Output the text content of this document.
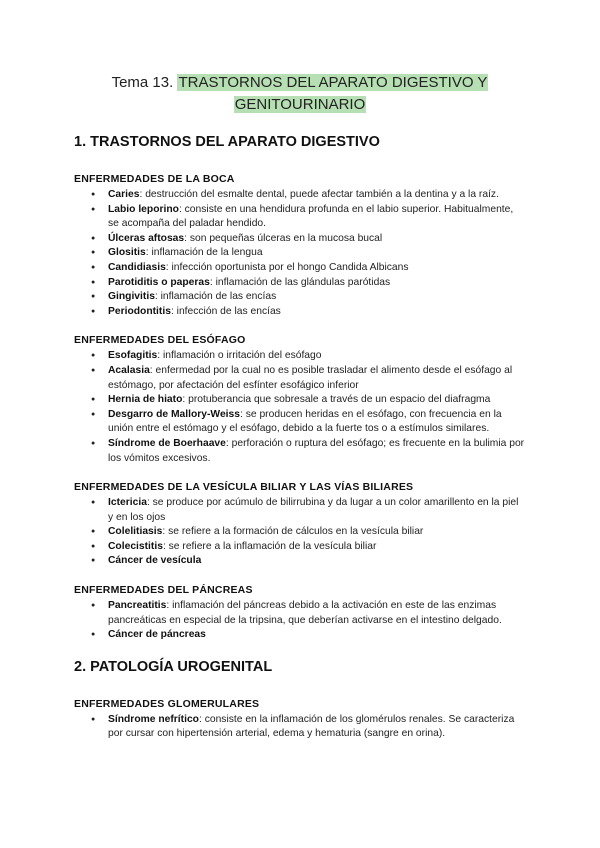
Tema 13. TRASTORNOS DEL APARATO DIGESTIVO Y
GENITOURINARIO
1. TRASTORNOS DEL APARATO DIGESTIVO
ENFERMEDADES DE LA BOCA
● Caries: destrucción del esmalte dental, puede afectar también a la dentina y a la raíz.
● Labio leporino: consiste en una hendidura profunda en el labio superior. Habitualmente, se acompaña del paladar hendido.
● Úlceras aftosas: son pequeñas úlceras en la mucosa bucal
● Glositis: inflamación de la lengua
● Candidiasis: infección oportunista por el hongo Candida Albicans
● Parotiditis o paperas: inflamación de las glándulas parótidas
● Gingivitis: inflamación de las encías
● Periodontitis: infección de las encías
ENFERMEDADES DEL ESÓFAGO
● Esofagitis: inflamación o irritación del esófago
● Acalasia: enfermedad por la cual no es posible trasladar el alimento desde el esófago al estómago, por afectación del esfínter esofágico inferior
● Hernia de hiato: protuberancia que sobresale a través de un espacio del diafragma
● Desgarro de Mallory-Weiss: se producen heridas en el esófago, con frecuencia en la unión entre el estómago y el esófago, debido a la fuerte tos o a estímulos similares.
● Síndrome de Boerhaave: perforación o ruptura del esófago; es frecuente en la bulimia por los vómitos excesivos.
ENFERMEDADES DE LA VESÍCULA BILIAR Y LAS VÍAS BILIARES
● Ictericia: se produce por acúmulo de bilirrubina y da lugar a un color amarillento en la piel y en los ojos
● Colelitiasis: se refiere a la formación de cálculos en la vesícula biliar
● Colecistitis: se refiere a la inflamación de la vesícula biliar
● Cáncer de vesícula
ENFERMEDADES DEL PÁNCREAS
● Pancreatitis: inflamación del páncreas debido a la activación en este de las enzimas pancreáticas en especial de la tripsina, que deberían activarse en el intestino delgado.
● Cáncer de páncreas
2. PATOLOGÍA UROGENITAL
ENFERMEDADES GLOMERULARES
● Síndrome nefrítico: consiste en la inflamación de los glomérulos renales. Se caracteriza por cursar con hipertensión arterial, edema y hematuria (sangre en orina).
